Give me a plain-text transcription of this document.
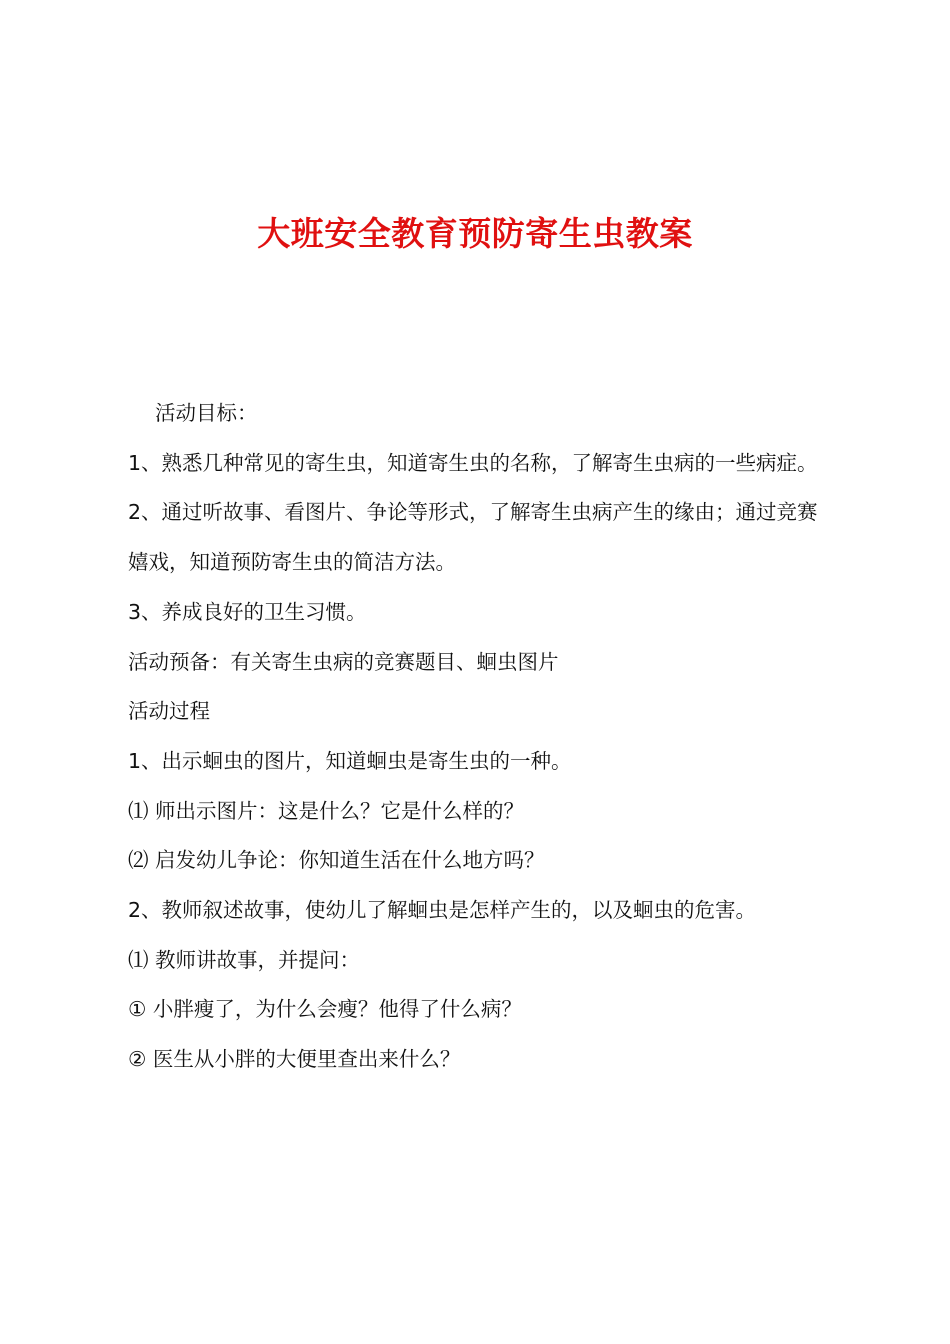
大班安全教育预防寄生虫教案

活动目标：

1、熟悉几种常见的寄生虫，知道寄生虫的名称，了解寄生虫病的一些病症。

2、通过听故事、看图片、争论等形式，了解寄生虫病产生的缘由；通过竞赛嬉戏，知道预防寄生虫的简洁方法。

3、养成良好的卫生习惯。

活动预备：有关寄生虫病的竞赛题目、蛔虫图片

活动过程

1、出示蛔虫的图片，知道蛔虫是寄生虫的一种。

⑴ 师出示图片：这是什么？它是什么样的？

⑵ 启发幼儿争论：你知道生活在什么地方吗？

2、教师叙述故事，使幼儿了解蛔虫是怎样产生的，以及蛔虫的危害。

⑴ 教师讲故事，并提问：

① 小胖瘦了，为什么会瘦？他得了什么病？

② 医生从小胖的大便里查出来什么？
